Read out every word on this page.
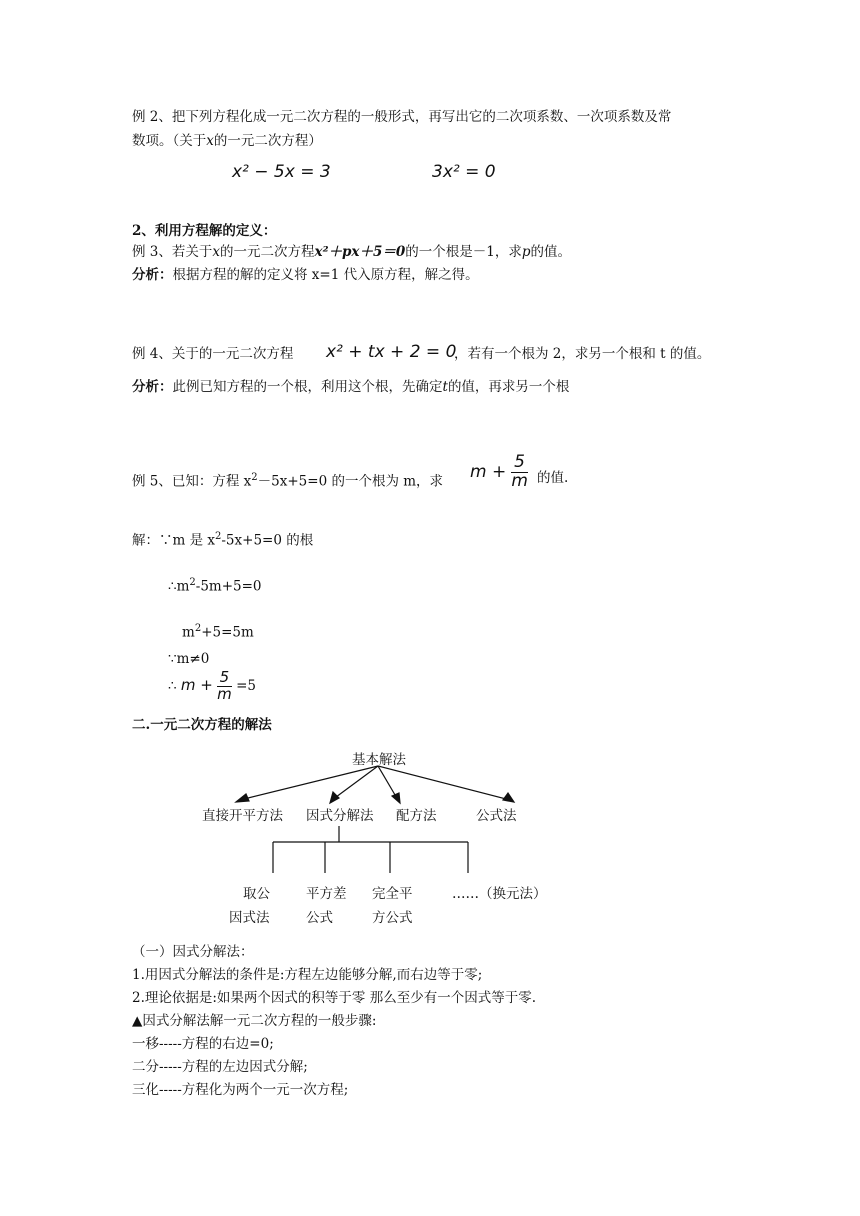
例 2、把下列方程化成一元二次方程的一般形式，再写出它的二次项系数、一次项系数及常
数项。（关于x的一元二次方程）
x² − 5x = 3	3x² = 0
2、利用方程解的定义：
例 3、若关于x的一元二次方程x²＋px＋5＝0的一个根是－1，求p的值。
分析：根据方程的解的定义将 x=1 代入原方程，解之得。
例 4、关于的一元二次方程 x² + tx + 2 = 0
，若有一个根为 2，求另一个根和 t 的值。
分析：此例已知方程的一个根，利用这个根，先确定t的值，再求另一个根
例 5、已知：方程 $x^2-5x+5=0$ 的一个根为 m，求 $m + \frac{5}{m}$ 的值.
解：∵m 是 $x^2-5x+5=0$ 的根
$\therefore m^2-5m+5=0$
$m^2+5=5m$
∵m≠0
∴ $m + \frac{5}{m} =5$
二.一元二次方程的解法
基本解法
直接开平方法 因式分解法 配方法	公式法
取公
因式法
平方差
公式
完全平
方公式
……（换元法）
（一）因式分解法：
1.用因式分解法的条件是:方程左边能够分解,而右边等于零;
2.理论依据是:如果两个因式的积等于零 那么至少有一个因式等于零.
▲因式分解法解一元二次方程的一般步骤:
一移-----方程的右边=0;
二分-----方程的左边因式分解;
三化-----方程化为两个一元一次方程;
